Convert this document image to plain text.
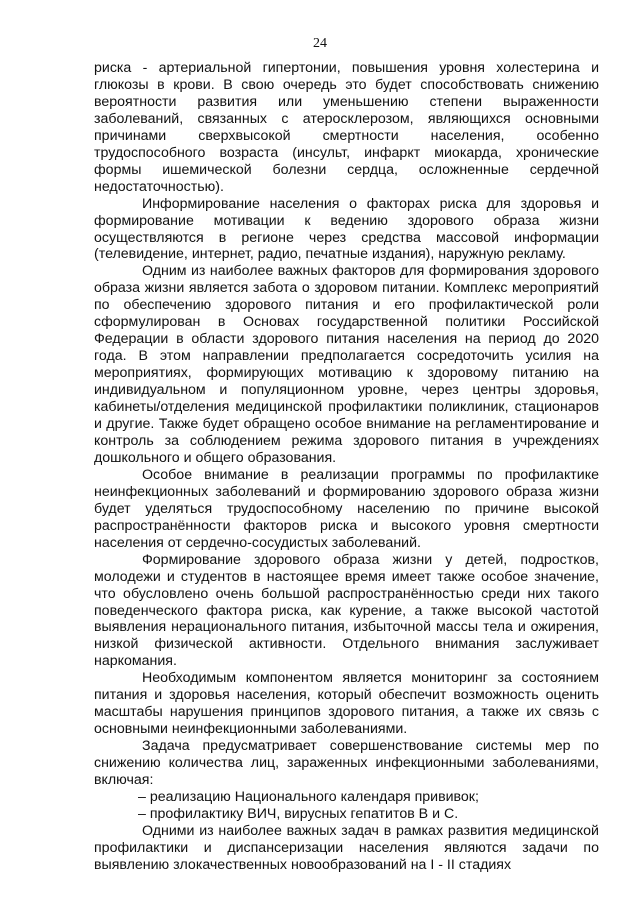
24

риска - артериальной гипертонии, повышения уровня холестерина и глюкозы в крови. В свою очередь это будет способствовать снижению вероятности развития или уменьшению степени выраженности заболеваний, связанных с атеросклерозом, являющихся основными причинами сверхвысокой смертности населения, особенно трудоспособного возраста (инсульт, инфаркт миокарда, хронические формы ишемической болезни сердца, осложненные сердечной недостаточностью).

Информирование населения о факторах риска для здоровья и формирование мотивации к ведению здорового образа жизни осуществляются в регионе через средства массовой информации (телевидение, интернет, радио, печатные издания), наружную рекламу.

Одним из наиболее важных факторов для формирования здорового образа жизни является забота о здоровом питании. Комплекс мероприятий по обеспечению здорового питания и его профилактической роли сформулирован в Основах государственной политики Российской Федерации в области здорового питания населения на период до 2020 года. В этом направлении предполагается сосредоточить усилия на мероприятиях, формирующих мотивацию к здоровому питанию на индивидуальном и популяционном уровне, через центры здоровья, кабинеты/отделения медицинской профилактики поликлиник, стационаров и другие. Также будет обращено особое внимание на регламентирование и контроль за соблюдением режима здорового питания в учреждениях дошкольного и общего образования.

Особое внимание в реализации программы по профилактике неинфекционных заболеваний и формированию здорового образа жизни будет уделяться трудоспособному населению по причине высокой распространённости факторов риска и высокого уровня смертности населения от сердечно-сосудистых заболеваний.

Формирование здорового образа жизни у детей, подростков, молодежи и студентов в настоящее время имеет также особое значение, что обусловлено очень большой распространённостью среди них такого поведенческого фактора риска, как курение, а также высокой частотой выявления нерационального питания, избыточной массы тела и ожирения, низкой физической активности. Отдельного внимания заслуживает наркомания.

Необходимым компонентом является мониторинг за состоянием питания и здоровья населения, который обеспечит возможность оценить масштабы нарушения принципов здорового питания, а также их связь с основными неинфекционными заболеваниями.

Задача предусматривает совершенствование системы мер по снижению количества лиц, зараженных инфекционными заболеваниями, включая:

– реализацию Национального календаря прививок;
– профилактику ВИЧ, вирусных гепатитов В и С.

Одними из наиболее важных задач в рамках развития медицинской профилактики и диспансеризации населения являются задачи по выявлению злокачественных новообразований на I - II стадиях
